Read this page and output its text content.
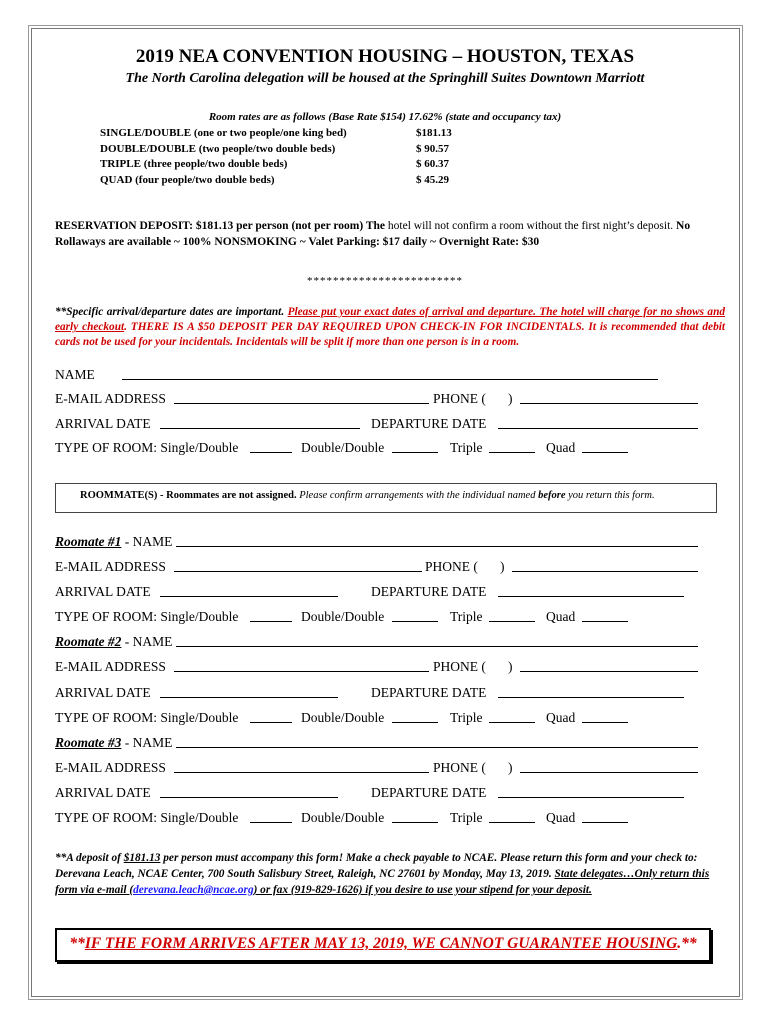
2019 NEA CONVENTION HOUSING – HOUSTON, TEXAS
The North Carolina delegation will be housed at the Springhill Suites Downtown Marriott
Room rates are as follows (Base Rate $154) 17.62% (state and occupancy tax)
SINGLE/DOUBLE (one or two people/one king bed)	$181.13
DOUBLE/DOUBLE (two people/two double beds)	$ 90.57
TRIPLE (three people/two double beds)	$ 60.37
QUAD (four people/two double beds)	$ 45.29
RESERVATION DEPOSIT: $181.13 per person (not per room) The hotel will not confirm a room without the first night’s deposit. No Rollaways are available ~ 100% NONSMOKING ~ Valet Parking: $17 daily ~ Overnight Rate: $30
************************
**Specific arrival/departure dates are important. Please put your exact dates of arrival and departure. The hotel will charge for no shows and early checkout. THERE IS A $50 DEPOSIT PER DAY REQUIRED UPON CHECK-IN FOR INCIDENTALS. It is recommended that debit cards not be used for your incidentals. Incidentals will be split if more than one person is in a room.
NAME
E-MAIL ADDRESS	PHONE ( )
ARRIVAL DATE	DEPARTURE DATE
TYPE OF ROOM: Single/Double	Double/Double	Triple	Quad
ROOMMATE(S) - Roommates are not assigned. Please confirm arrangements with the individual named before you return this form.
Roomate #1 - NAME
E-MAIL ADDRESS	PHONE ( )
ARRIVAL DATE	DEPARTURE DATE
TYPE OF ROOM: Single/Double	Double/Double	Triple	Quad
Roomate #2 - NAME
E-MAIL ADDRESS	PHONE ( )
ARRIVAL DATE	DEPARTURE DATE
TYPE OF ROOM: Single/Double	Double/Double	Triple	Quad
Roomate #3 - NAME
E-MAIL ADDRESS	PHONE ( )
ARRIVAL DATE	DEPARTURE DATE
TYPE OF ROOM: Single/Double	Double/Double	Triple	Quad
**A deposit of $181.13 per person must accompany this form! Make a check payable to NCAE. Please return this form and your check to: Derevana Leach, NCAE Center, 700 South Salisbury Street, Raleigh, NC 27601 by Monday, May 13, 2019. State delegates…Only return this form via e-mail (derevana.leach@ncae.org) or fax (919-829-1626) if you desire to use your stipend for your deposit.
**IF THE FORM ARRIVES AFTER MAY 13, 2019, WE CANNOT GUARANTEE HOUSING.**
